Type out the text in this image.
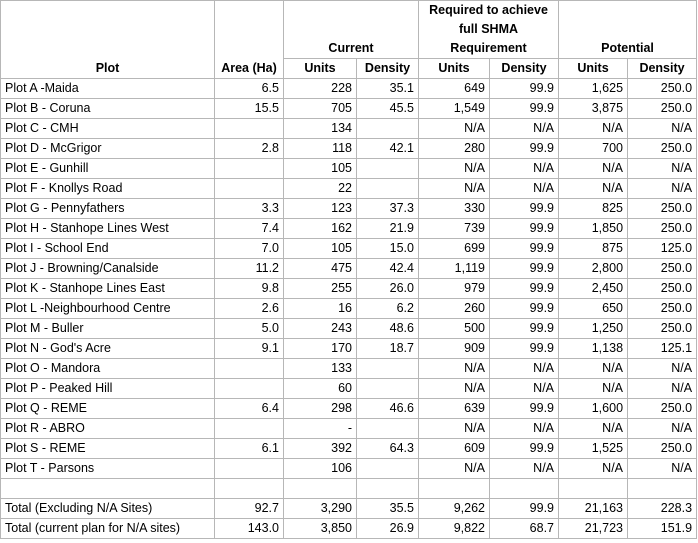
Plot	Area (Ha)	Current		Required to achieve		Potential	
				full SHMA			
				Requirement			
		Units	Density	Units	Density	Units	Density
Plot A -Maida	6.5	228	35.1	649	99.9	1,625	250.0
Plot B - Coruna	15.5	705	45.5	1,549	99.9	3,875	250.0
Plot C - CMH		134		N/A	N/A	N/A	N/A
Plot D - McGrigor	2.8	118	42.1	280	99.9	700	250.0
Plot E - Gunhill		105		N/A	N/A	N/A	N/A
Plot F - Knollys Road		22		N/A	N/A	N/A	N/A
Plot G - Pennyfathers	3.3	123	37.3	330	99.9	825	250.0
Plot H - Stanhope Lines West	7.4	162	21.9	739	99.9	1,850	250.0
Plot I - School End	7.0	105	15.0	699	99.9	875	125.0
Plot J - Browning/Canalside	11.2	475	42.4	1,119	99.9	2,800	250.0
Plot K - Stanhope Lines East	9.8	255	26.0	979	99.9	2,450	250.0
Plot L -Neighbourhood Centre	2.6	16	6.2	260	99.9	650	250.0
Plot M - Buller	5.0	243	48.6	500	99.9	1,250	250.0
Plot N - God's Acre	9.1	170	18.7	909	99.9	1,138	125.1
Plot O - Mandora		133		N/A	N/A	N/A	N/A
Plot P - Peaked Hill		60		N/A	N/A	N/A	N/A
Plot Q - REME	6.4	298	46.6	639	99.9	1,600	250.0
Plot R - ABRO		-		N/A	N/A	N/A	N/A
Plot S - REME	6.1	392	64.3	609	99.9	1,525	250.0
Plot T - Parsons		106		N/A	N/A	N/A	N/A

Total (Excluding N/A Sites)	92.7	3,290	35.5	9,262	99.9	21,163	228.3
Total (current plan for N/A sites)	143.0	3,850	26.9	9,822	68.7	21,723	151.9
